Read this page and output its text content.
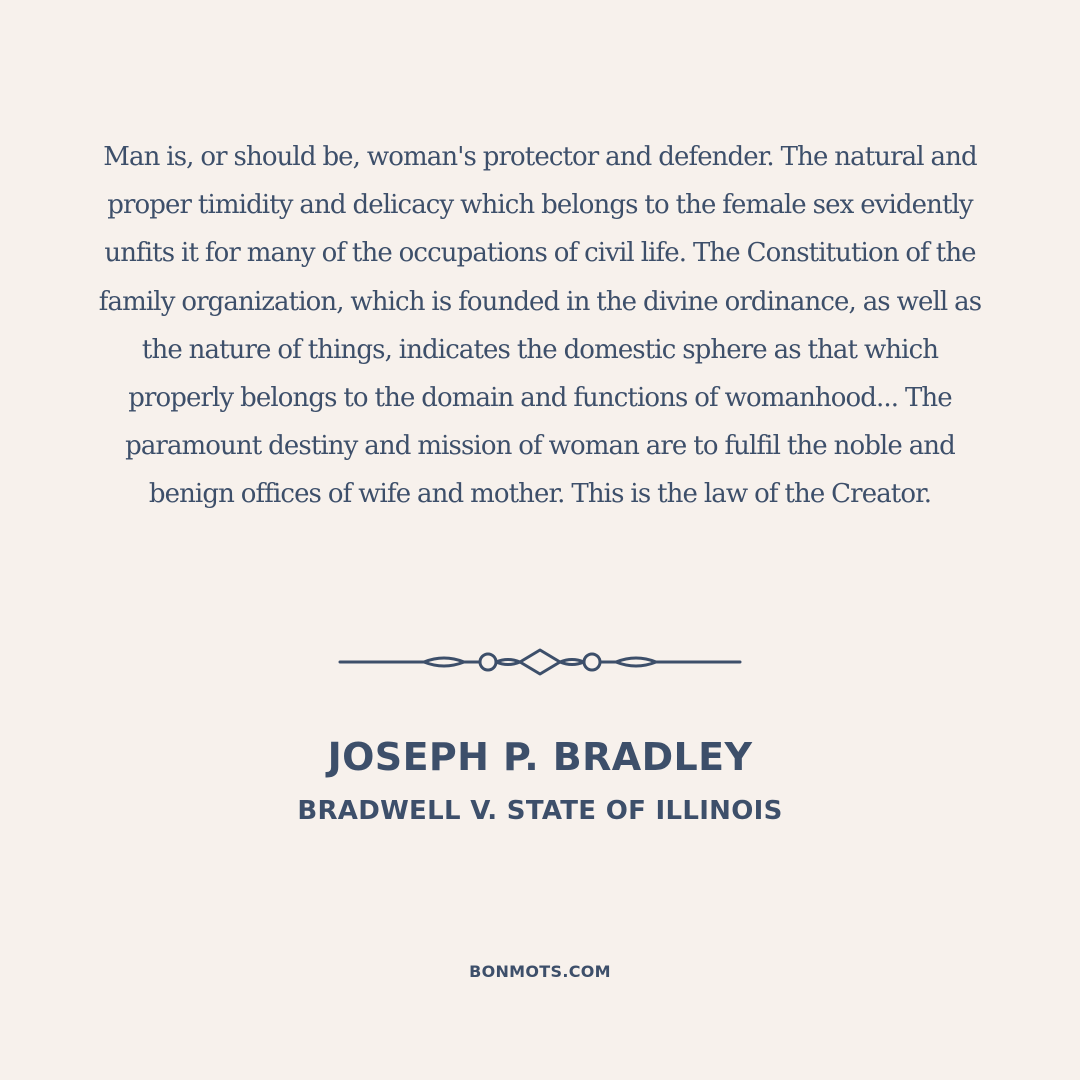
Man is, or should be, woman's protector and defender. The natural and proper timidity and delicacy which belongs to the female sex evidently unfits it for many of the occupations of civil life. The Constitution of the family organization, which is founded in the divine ordinance, as well as the nature of things, indicates the domestic sphere as that which properly belongs to the domain and functions of womanhood... The paramount destiny and mission of woman are to fulfil the noble and benign offices of wife and mother. This is the law of the Creator.

JOSEPH P. BRADLEY
BRADWELL V. STATE OF ILLINOIS
BONMOTS.COM
